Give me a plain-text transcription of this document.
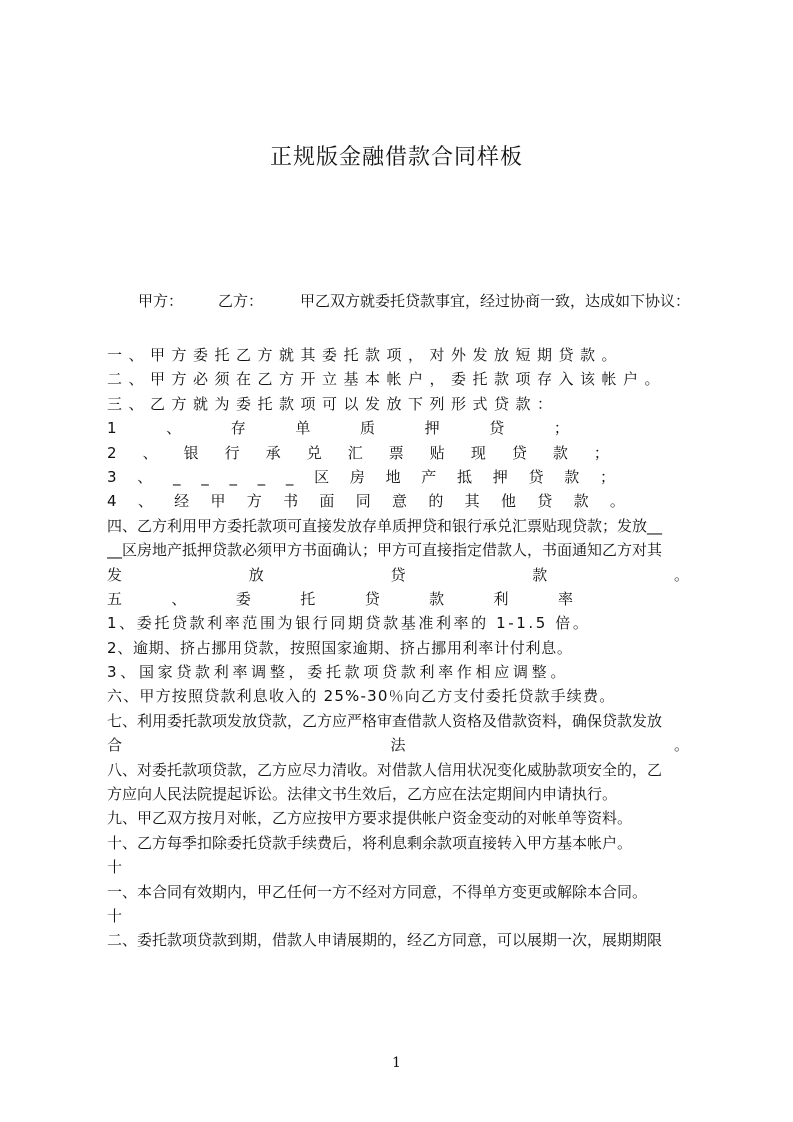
正规版金融借款合同样板
甲方： 乙方： 甲乙双方就委托贷款事宜，经过协商一致，达成如下协议：
一、甲方委托乙方就其委托款项，对外发放短期贷款。
二、甲方必须在乙方开立基本帐户，委托款项存入该帐户。
三、乙方就为委托款项可以发放下列形式贷款：
1	、	存	单	质	押	贷	；
2 、 银 行 承 兑 汇 票 贴 现 贷 款 ；
3 、 _ _ _ _ _ 区 房 地 产 抵 押 贷 款 ；
4 、 经 甲 方 书 面 同 意 的 其 他 贷 款 。
四、乙方利用甲方委托款项可直接发放存单质押贷和银行承兑汇票贴现贷款；发放__
__区房地产抵押贷款必须甲方书面确认；甲方可直接指定借款人，书面通知乙方对其
发	放	贷	款	。
五	、	委	托	贷	款	利	率
1、委托贷款利率范围为银行同期贷款基准利率的 1-1.5 倍。
2、逾期、挤占挪用贷款，按照国家逾期、挤占挪用利率计付利息。
3、国家贷款利率调整，委托款项贷款利率作相应调整。
六、甲方按照贷款利息收入的 25%-30％向乙方支付委托贷款手续费。
七、利用委托款项发放贷款，乙方应严格审查借款人资格及借款资料，确保贷款发放
合	法	。
八、对委托款项贷款，乙方应尽力清收。对借款人信用状况变化威胁款项安全的，乙
方应向人民法院提起诉讼。法律文书生效后，乙方应在法定期间内申请执行。
九、甲乙双方按月对帐，乙方应按甲方要求提供帐户资金变动的对帐单等资料。
十、乙方每季扣除委托贷款手续费后，将利息剩余款项直接转入甲方基本帐户。
十
一、本合同有效期内，甲乙任何一方不经对方同意，不得单方变更或解除本合同。
十
二、委托款项贷款到期，借款人申请展期的，经乙方同意，可以展期一次，展期期限
1
